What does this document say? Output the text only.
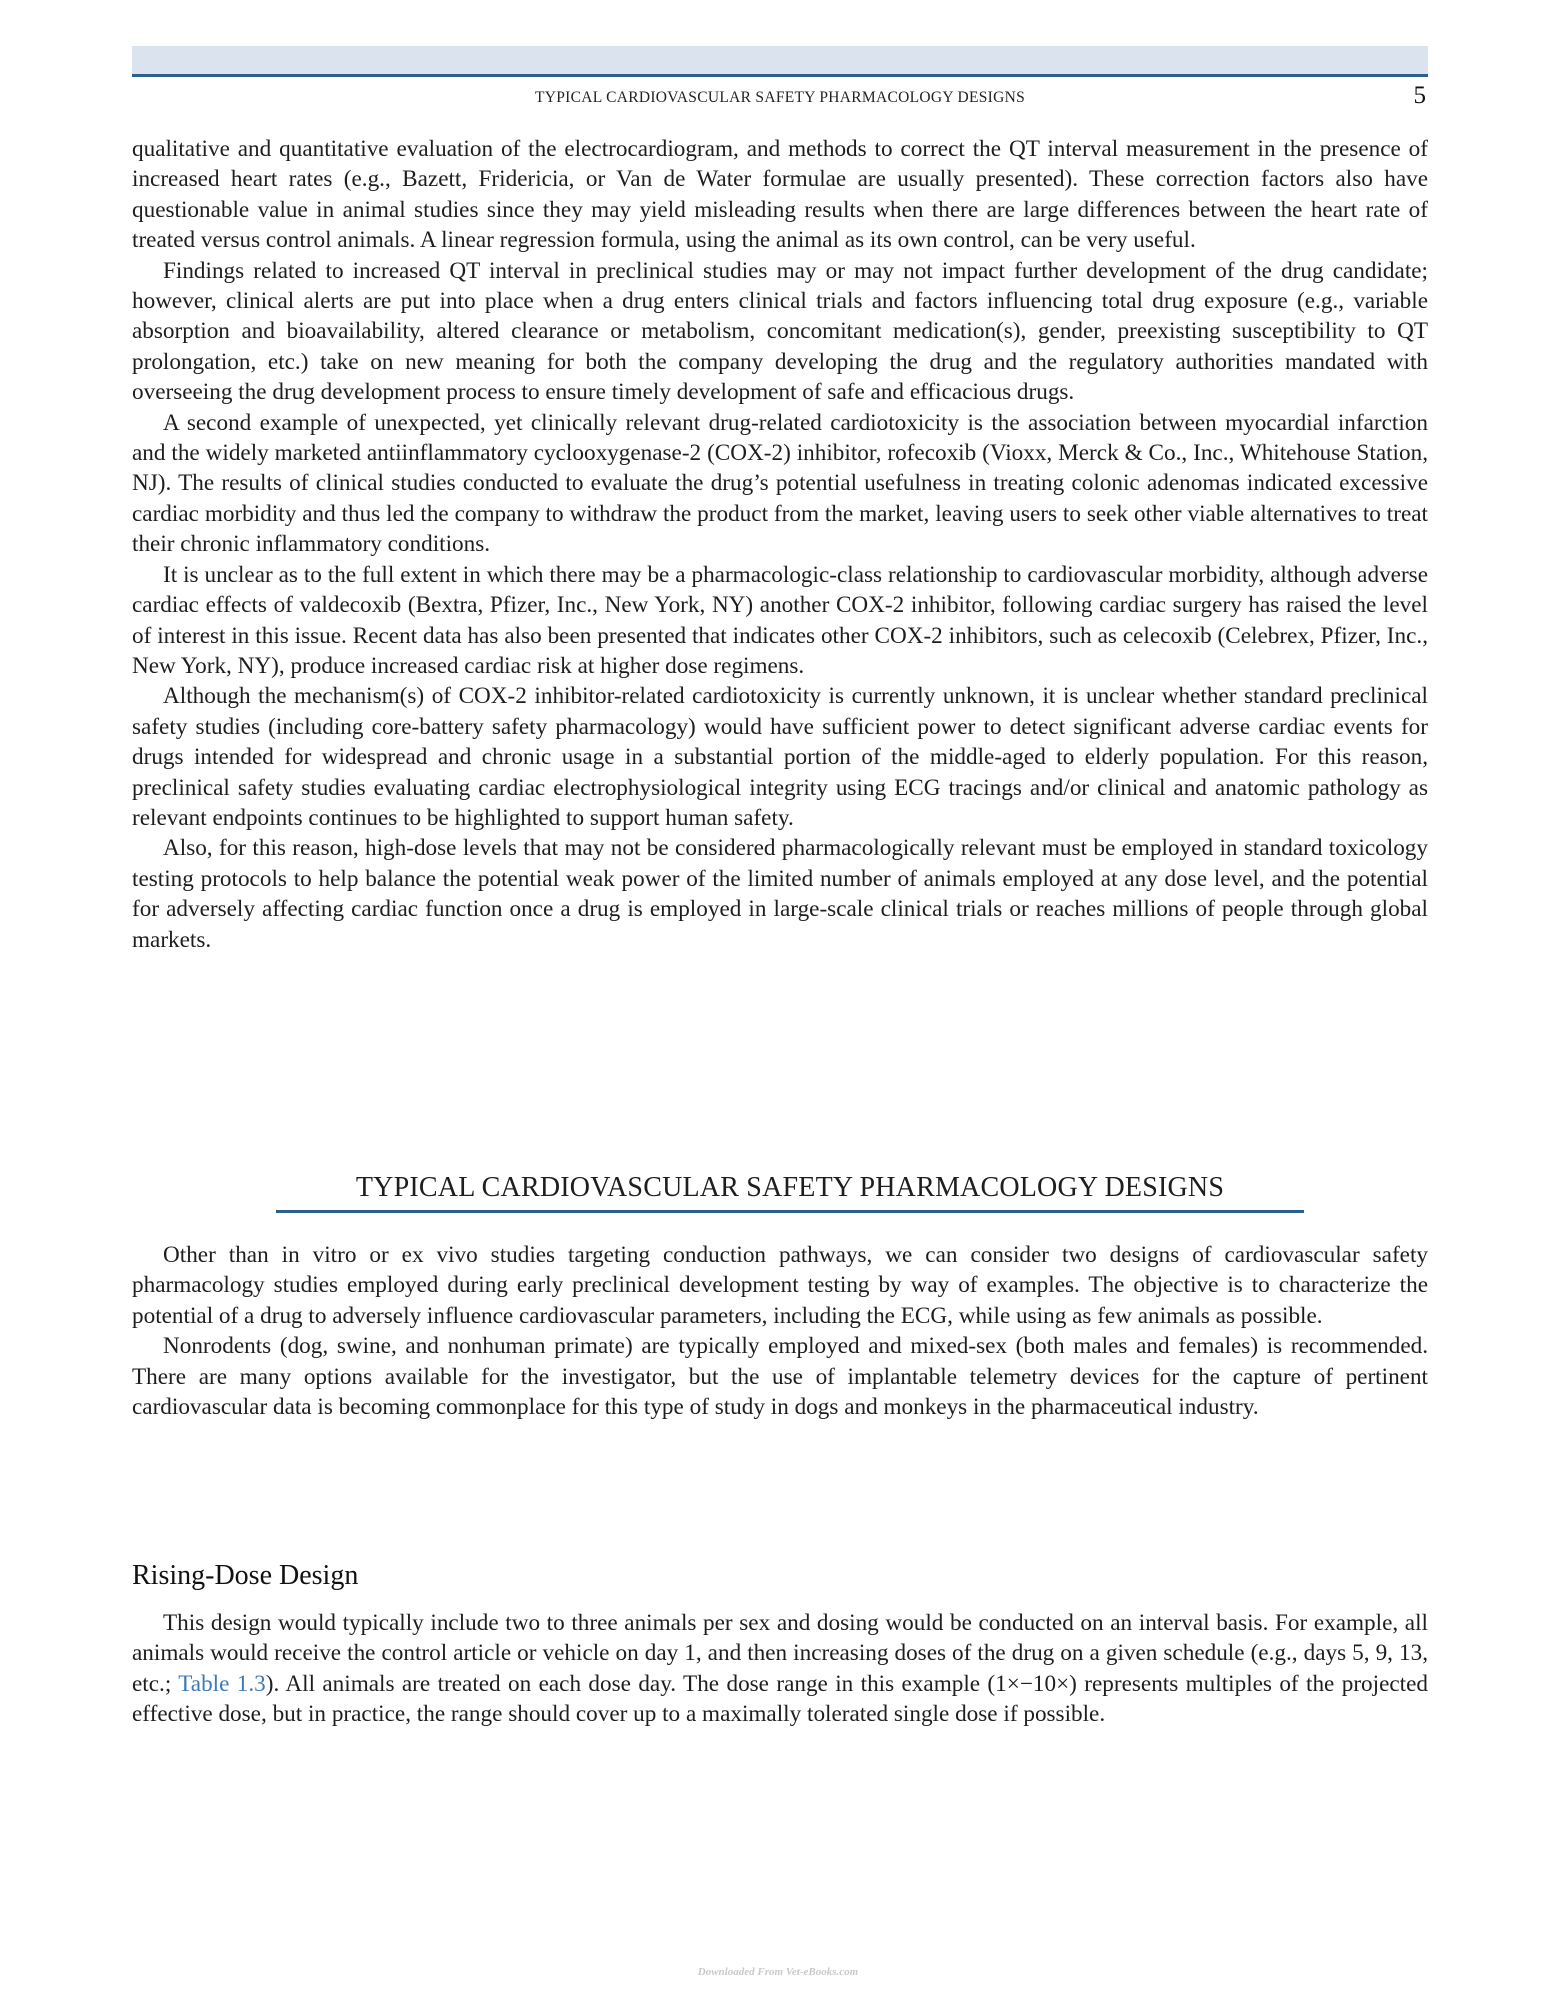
TYPICAL CARDIOVASCULAR SAFETY PHARMACOLOGY DESIGNS	5

qualitative and quantitative evaluation of the electrocardiogram, and methods to correct the QT interval measurement in the presence of increased heart rates (e.g., Bazett, Fridericia, or Van de Water formulae are usually presented). These correction factors also have questionable value in animal studies since they may yield misleading results when there are large differences between the heart rate of treated versus control animals. A linear regression formula, using the animal as its own control, can be very useful.

Findings related to increased QT interval in preclinical studies may or may not impact further development of the drug candidate; however, clinical alerts are put into place when a drug enters clinical trials and factors influencing total drug exposure (e.g., variable absorption and bioavailability, altered clearance or metabolism, concomitant medication(s), gender, preexisting susceptibility to QT prolongation, etc.) take on new meaning for both the company developing the drug and the regulatory authorities mandated with overseeing the drug development process to ensure timely development of safe and efficacious drugs.

A second example of unexpected, yet clinically relevant drug-related cardiotoxicity is the association between myocardial infarction and the widely marketed antiinflammatory cyclooxygenase-2 (COX-2) inhibitor, rofecoxib (Vioxx, Merck & Co., Inc., Whitehouse Station, NJ). The results of clinical studies conducted to evaluate the drug’s potential usefulness in treating colonic adenomas indicated excessive cardiac morbidity and thus led the company to withdraw the product from the market, leaving users to seek other viable alternatives to treat their chronic inflammatory conditions.

It is unclear as to the full extent in which there may be a pharmacologic-class relationship to cardiovascular morbidity, although adverse cardiac effects of valdecoxib (Bextra, Pfizer, Inc., New York, NY) another COX-2 inhibitor, following cardiac surgery has raised the level of interest in this issue. Recent data has also been presented that indicates other COX-2 inhibitors, such as celecoxib (Celebrex, Pfizer, Inc., New York, NY), produce increased cardiac risk at higher dose regimens.

Although the mechanism(s) of COX-2 inhibitor-related cardiotoxicity is currently unknown, it is unclear whether standard preclinical safety studies (including core-battery safety pharmacology) would have sufficient power to detect significant adverse cardiac events for drugs intended for widespread and chronic usage in a substantial portion of the middle-aged to elderly population. For this reason, preclinical safety studies evaluating cardiac electrophysiological integrity using ECG tracings and/or clinical and anatomic pathology as relevant endpoints continues to be highlighted to support human safety.

Also, for this reason, high-dose levels that may not be considered pharmacologically relevant must be employed in standard toxicology testing protocols to help balance the potential weak power of the limited number of animals employed at any dose level, and the potential for adversely affecting cardiac function once a drug is employed in large-scale clinical trials or reaches millions of people through global markets.

TYPICAL CARDIOVASCULAR SAFETY PHARMACOLOGY DESIGNS

Other than in vitro or ex vivo studies targeting conduction pathways, we can consider two designs of cardiovascular safety pharmacology studies employed during early preclinical development testing by way of examples. The objective is to characterize the potential of a drug to adversely influence cardiovascular parameters, including the ECG, while using as few animals as possible.

Nonrodents (dog, swine, and nonhuman primate) are typically employed and mixed-sex (both males and females) is recommended. There are many options available for the investigator, but the use of implantable telemetry devices for the capture of pertinent cardiovascular data is becoming commonplace for this type of study in dogs and monkeys in the pharmaceutical industry.

Rising-Dose Design

This design would typically include two to three animals per sex and dosing would be conducted on an interval basis. For example, all animals would receive the control article or vehicle on day 1, and then increasing doses of the drug on a given schedule (e.g., days 5, 9, 13, etc.; Table 1.3). All animals are treated on each dose day. The dose range in this example (1×−10×) represents multiples of the projected effective dose, but in practice, the range should cover up to a maximally tolerated single dose if possible.

Downloaded From Vet-eBooks.com
